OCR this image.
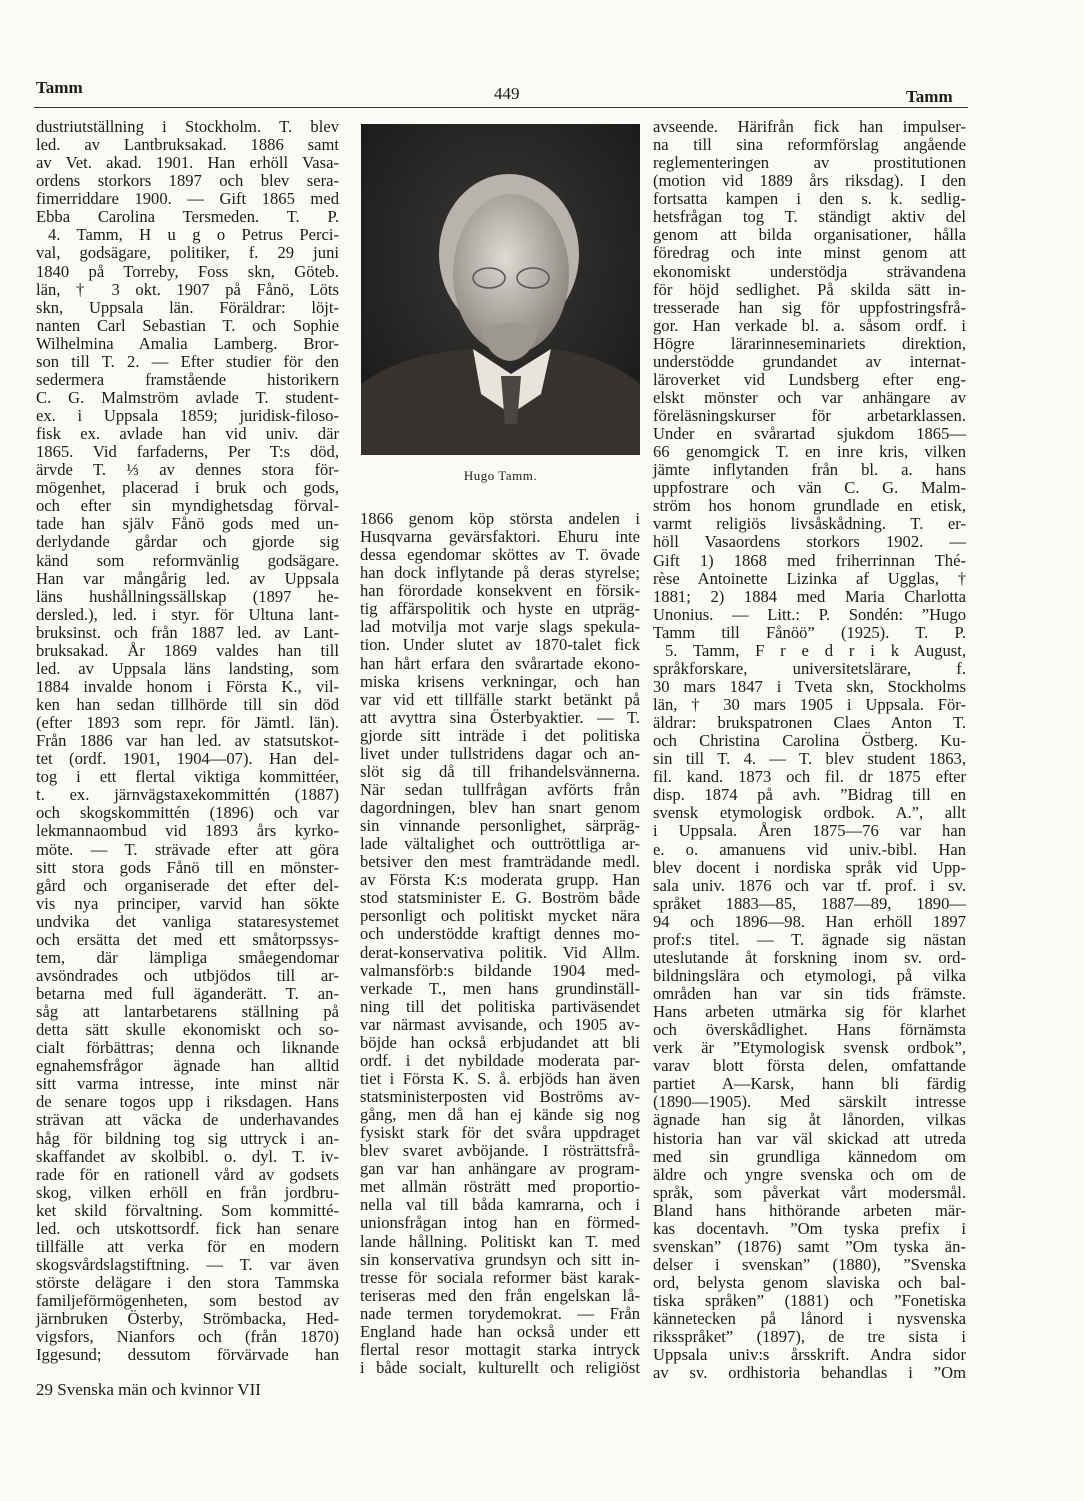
Tamm	449	Tamm
dustriutställning i Stockholm. T. blev
led. av Lantbruksakad. 1886 samt
av Vet. akad. 1901. Han erhöll Vasa-
ordens storkors 1897 och blev sera-
fimerriddare 1900. — Gift 1865 med
Ebba Carolina Tersmeden. T. P.
4. Tamm, H u g o Petrus Perci-
val, godsägare, politiker, f. 29 juni
1840 på Torreby, Foss skn, Göteb.
län, † 3 okt. 1907 på Fånö, Löts
skn, Uppsala län. Föräldrar: löjt-
nanten Carl Sebastian T. och Sophie
Wilhelmina Amalia Lamberg. Bror-
son till T. 2. — Efter studier för den
sedermera framstående historikern
C. G. Malmström avlade T. student-
ex. i Uppsala 1859; juridisk-filoso-
fisk ex. avlade han vid univ. där
1865. Vid farfaderns, Per T:s död,
ärvde T. ⅓ av dennes stora för-
mögenhet, placerad i bruk och gods,
och efter sin myndighetsdag förval-
tade han själv Fånö gods med un-
derlydande gårdar och gjorde sig
känd som reformvänlig godsägare.
Han var mångårig led. av Uppsala
läns hushållningssällskap (1897 he-
dersled.), led. i styr. för Ultuna lant-
bruksinst. och från 1887 led. av Lant-
bruksakad. År 1869 valdes han till
led. av Uppsala läns landsting, som
1884 invalde honom i Första K., vil-
ken han sedan tillhörde till sin död
(efter 1893 som repr. för Jämtl. län).
Från 1886 var han led. av statsutskot-
tet (ordf. 1901, 1904—07). Han del-
tog i ett flertal viktiga kommittéer,
t. ex. järnvägstaxekommittén (1887)
och skogskommittén (1896) och var
lekmannaombud vid 1893 års kyrko-
möte. — T. strävade efter att göra
sitt stora gods Fånö till en mönster-
gård och organiserade det efter del-
vis nya principer, varvid han sökte
undvika det vanliga stataresystemet
och ersätta det med ett småtorpssys-
tem, där lämpliga småegendomar
avsöndrades och utbjödos till ar-
betarna med full äganderätt. T. an-
såg att lantarbetarens ställning på
detta sätt skulle ekonomiskt och so-
cialt förbättras; denna och liknande
egnahemsfrågor ägnade han alltid
sitt varma intresse, inte minst när
de senare togos upp i riksdagen. Hans
strävan att väcka de underhavandes
håg för bildning tog sig uttryck i an-
skaffandet av skolbibl. o. dyl. T. iv-
rade för en rationell vård av godsets
skog, vilken erhöll en från jordbru-
ket skild förvaltning. Som kommitté-
led. och utskottsordf. fick han senare
tillfälle att verka för en modern
skogsvårdslagstiftning. — T. var även
störste delägare i den stora Tammska
familjeförmögenheten, som bestod av
järnbruken Österby, Strömbacka, Hed-
vigsfors, Nianfors och (från 1870)
Iggesund; dessutom förvärvade han
Hugo Tamm.
1866 genom köp största andelen i
Husqvarna gevärsfaktori. Ehuru inte
dessa egendomar sköttes av T. övade
han dock inflytande på deras styrelse;
han förordade konsekvent en försik-
tig affärspolitik och hyste en utpräg-
lad motvilja mot varje slags spekula-
tion. Under slutet av 1870-talet fick
han hårt erfara den svårartade ekono-
miska krisens verkningar, och han
var vid ett tillfälle starkt betänkt på
att avyttra sina Österbyaktier. — T.
gjorde sitt inträde i det politiska
livet under tullstridens dagar och an-
slöt sig då till frihandelsvännerna.
När sedan tullfrågan avförts från
dagordningen, blev han snart genom
sin vinnande personlighet, särpräg-
lade vältalighet och outtröttliga ar-
betsiver den mest framträdande medl.
av Första K:s moderata grupp. Han
stod statsminister E. G. Boström både
personligt och politiskt mycket nära
och understödde kraftigt dennes mo-
derat-konservativa politik. Vid Allm.
valmansförb:s bildande 1904 med-
verkade T., men hans grundinställ-
ning till det politiska partiväsendet
var närmast avvisande, och 1905 av-
böjde han också erbjudandet att bli
ordf. i det nybildade moderata par-
tiet i Första K. S. å. erbjöds han även
statsministerposten vid Boströms av-
gång, men då han ej kände sig nog
fysiskt stark för det svåra uppdraget
blev svaret avböjande. I rösträttsfrå-
gan var han anhängare av program-
met allmän rösträtt med proportio-
nella val till båda kamrarna, och i
unionsfrågan intog han en förmed-
lande hållning. Politiskt kan T. med
sin konservativa grundsyn och sitt in-
tresse för sociala reformer bäst karak-
teriseras med den från engelskan lå-
nade termen torydemokrat. — Från
England hade han också under ett
flertal resor mottagit starka intryck
i både socialt, kulturellt och religiöst
avseende. Härifrån fick han impulser-
na till sina reformförslag angående
reglementeringen av prostitutionen
(motion vid 1889 års riksdag). I den
fortsatta kampen i den s. k. sedlig-
hetsfrågan tog T. ständigt aktiv del
genom att bilda organisationer, hålla
föredrag och inte minst genom att
ekonomiskt understödja strävandena
för höjd sedlighet. På skilda sätt in-
tresserade han sig för uppfostringsfrå-
gor. Han verkade bl. a. såsom ordf. i
Högre lärarinneseminariets direktion,
understödde grundandet av internat-
läroverket vid Lundsberg efter eng-
elskt mönster och var anhängare av
föreläsningskurser för arbetarklassen.
Under en svårartad sjukdom 1865—
66 genomgick T. en inre kris, vilken
jämte inflytanden från bl. a. hans
uppfostrare och vän C. G. Malm-
ström hos honom grundlade en etisk,
varmt religiös livsåskådning. T. er-
höll Vasaordens storkors 1902. —
Gift 1) 1868 med friherrinnan Thé-
rèse Antoinette Lizinka af Ugglas, †
1881; 2) 1884 med Maria Charlotta
Unonius. — Litt.: P. Sondén: ”Hugo
Tamm till Fånöö” (1925). T. P.
5. Tamm, F r e d r i k August,
språkforskare, universitetslärare, f.
30 mars 1847 i Tveta skn, Stockholms
län, † 30 mars 1905 i Uppsala. För-
äldrar: brukspatronen Claes Anton T.
och Christina Carolina Östberg. Ku-
sin till T. 4. — T. blev student 1863,
fil. kand. 1873 och fil. dr 1875 efter
disp. 1874 på avh. ”Bidrag till en
svensk etymologisk ordbok. A.”, allt
i Uppsala. Åren 1875—76 var han
e. o. amanuens vid univ.-bibl. Han
blev docent i nordiska språk vid Upp-
sala univ. 1876 och var tf. prof. i sv.
språket 1883—85, 1887—89, 1890—
94 och 1896—98. Han erhöll 1897
prof:s titel. — T. ägnade sig nästan
uteslutande åt forskning inom sv. ord-
bildningslära och etymologi, på vilka
områden han var sin tids främste.
Hans arbeten utmärka sig för klarhet
och överskådlighet. Hans förnämsta
verk är ”Etymologisk svensk ordbok”,
varav blott första delen, omfattande
partiet A—Karsk, hann bli färdig
(1890—1905). Med särskilt intresse
ägnade han sig åt lånorden, vilkas
historia han var väl skickad att utreda
med sin grundliga kännedom om
äldre och yngre svenska och om de
språk, som påverkat vårt modersmål.
Bland hans hithörande arbeten mär-
kas docentavh. ”Om tyska prefix i
svenskan” (1876) samt ”Om tyska än-
delser i svenskan” (1880), ”Svenska
ord, belysta genom slaviska och bal-
tiska språken” (1881) och ”Fonetiska
kännetecken på lånord i nysvenska
riksspråket” (1897), de tre sista i
Uppsala univ:s årsskrift. Andra sidor
av sv. ordhistoria behandlas i ”Om
29 Svenska män och kvinnor VII
